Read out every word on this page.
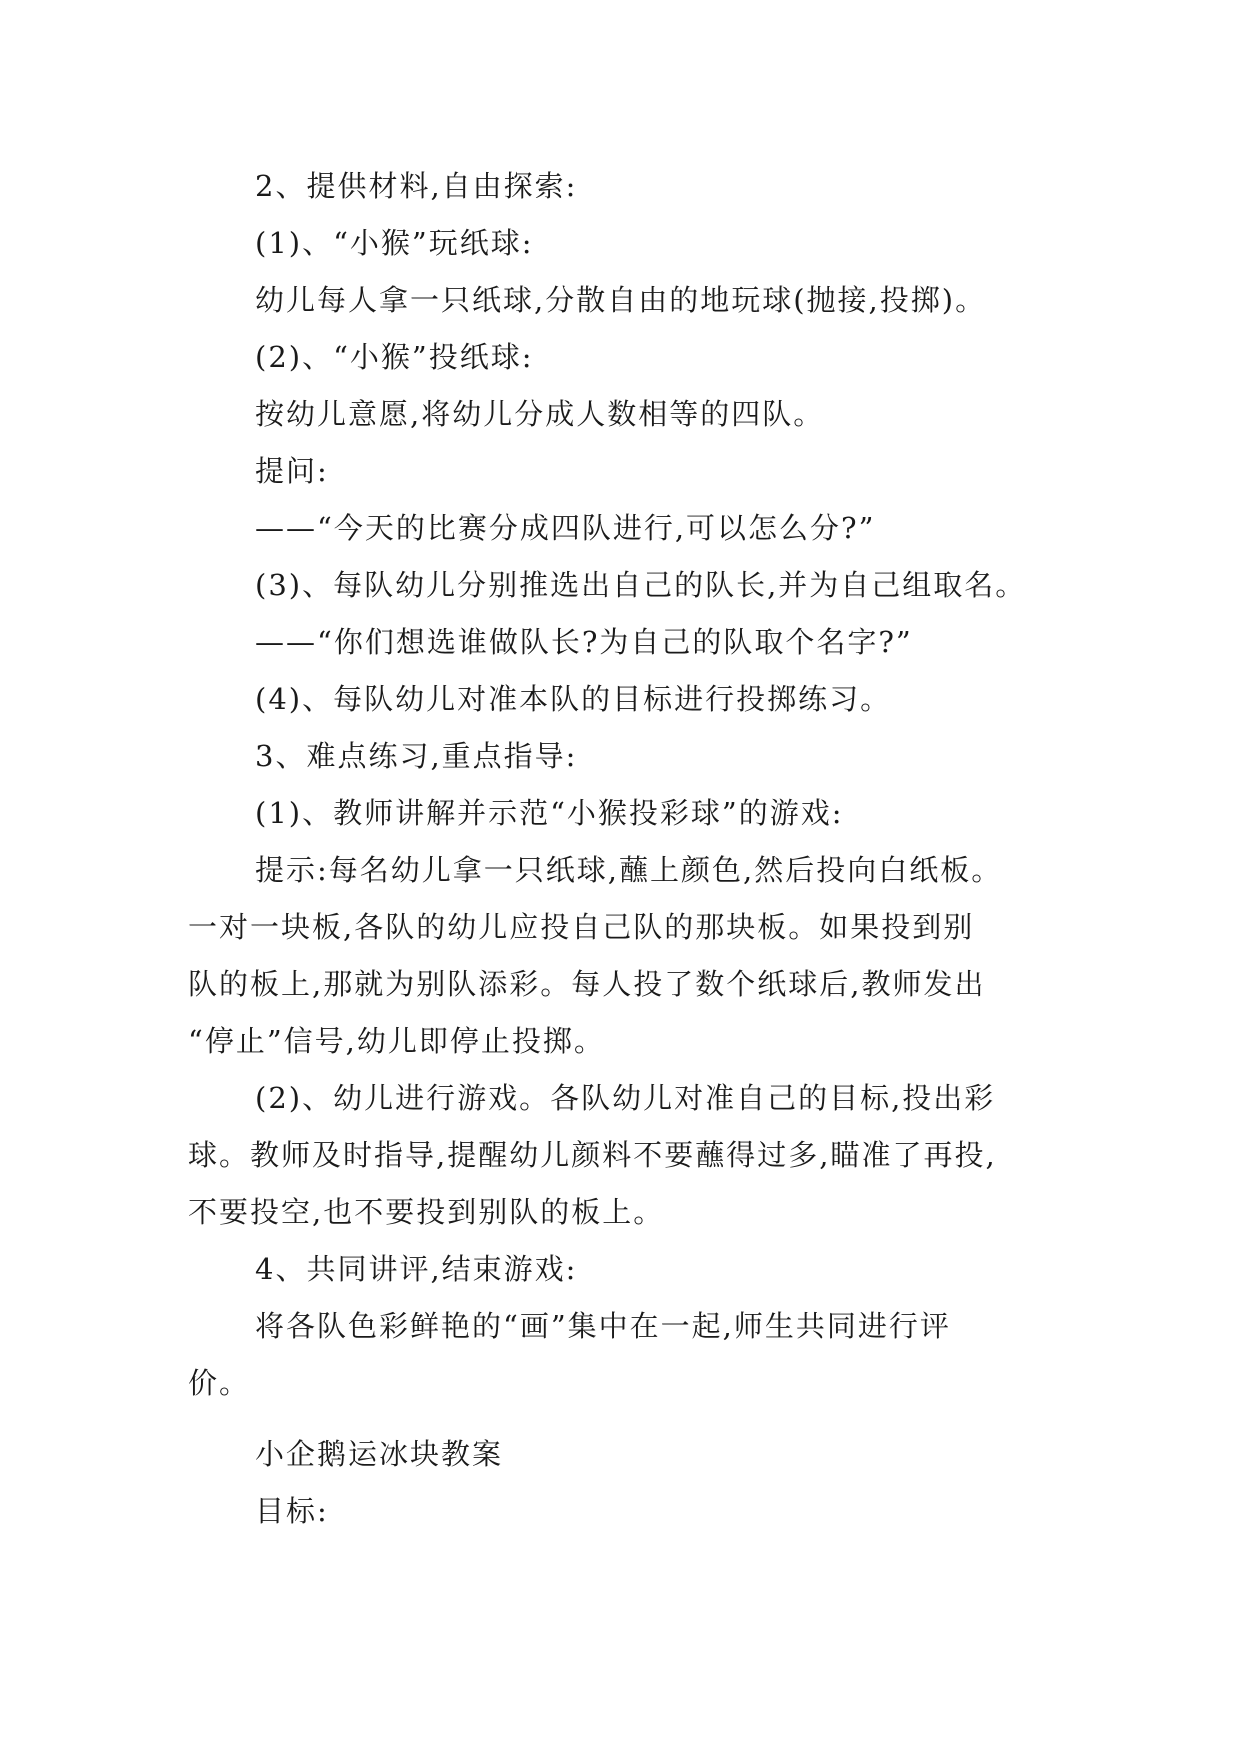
2、提供材料,自由探索:
(1)、“小猴”玩纸球:
幼儿每人拿一只纸球,分散自由的地玩球(抛接,投掷)。
(2)、“小猴”投纸球:
按幼儿意愿,将幼儿分成人数相等的四队。
提问:
——“今天的比赛分成四队进行,可以怎么分?”
(3)、每队幼儿分别推选出自己的队长,并为自己组取名。
——“你们想选谁做队长?为自己的队取个名字?”
(4)、每队幼儿对准本队的目标进行投掷练习。
3、难点练习,重点指导:
(1)、教师讲解并示范“小猴投彩球”的游戏:
提示:每名幼儿拿一只纸球,蘸上颜色,然后投向白纸板。
一对一块板,各队的幼儿应投自己队的那块板。如果投到别
队的板上,那就为别队添彩。每人投了数个纸球后,教师发出
“停止”信号,幼儿即停止投掷。
(2)、幼儿进行游戏。各队幼儿对准自己的目标,投出彩
球。教师及时指导,提醒幼儿颜料不要蘸得过多,瞄准了再投,
不要投空,也不要投到别队的板上。
4、共同讲评,结束游戏:
将各队色彩鲜艳的“画”集中在一起,师生共同进行评
价。
小企鹅运冰块教案
目标:
